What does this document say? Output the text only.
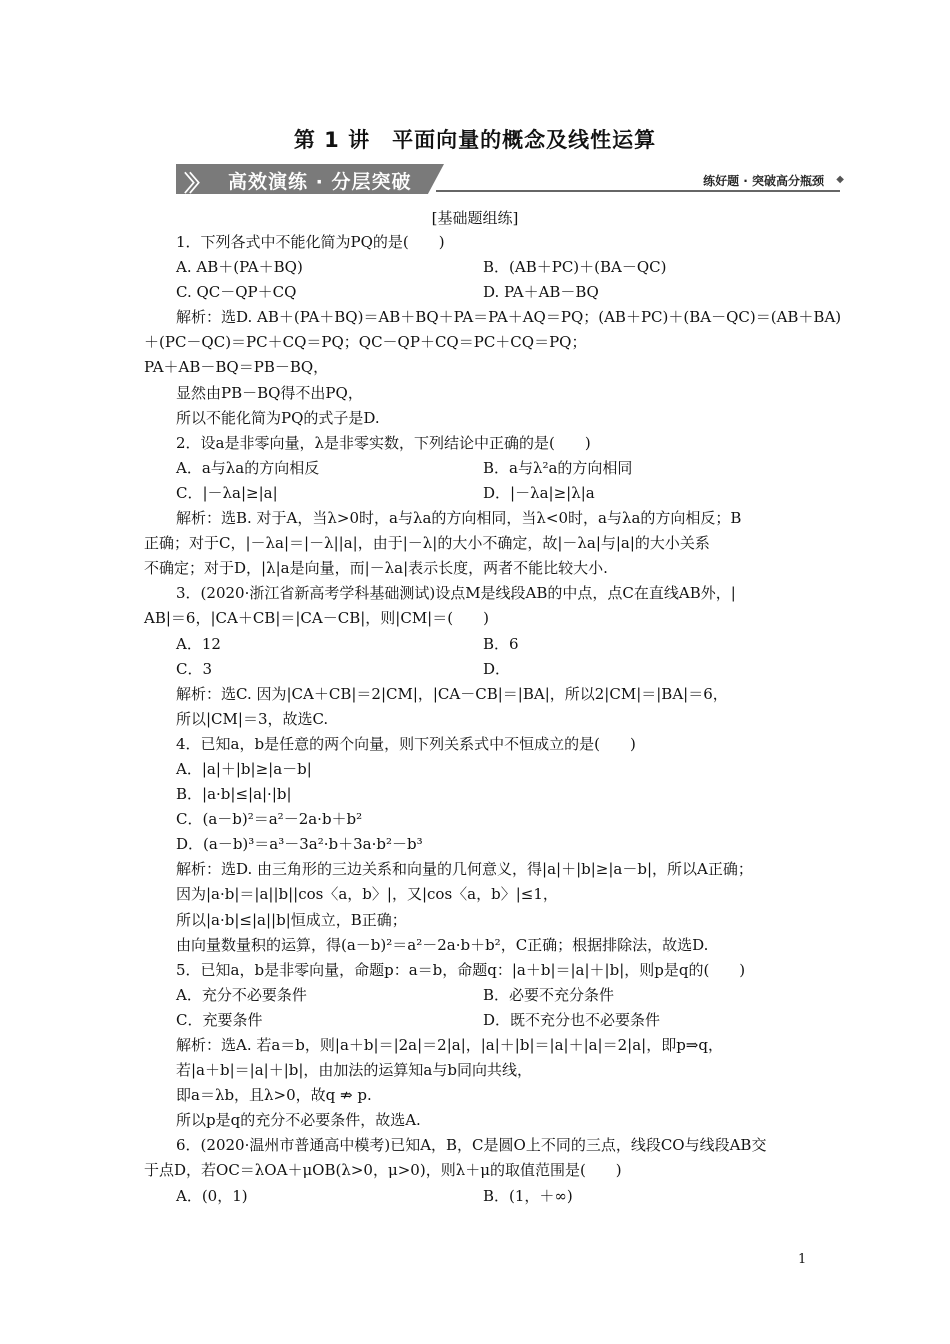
第 1 讲　平面向量的概念及线性运算
〉〉 高效演练 · 分层突破	练好题 · 突破高分瓶颈 ◆
[基础题组练]
1．下列各式中不能化简为PQ的是(　　)
A. AB＋(PA＋BQ)	B．(AB＋PC)＋(BA－QC)
C. QC－QP＋CQ	D. PA＋AB－BQ
解析：选D. AB＋(PA＋BQ)＝AB＋BQ＋PA＝PA＋AQ＝PQ；(AB＋PC)＋(BA－QC)＝(AB＋BA)
＋(PC－QC)＝PC＋CQ＝PQ；QC－QP＋CQ＝PC＋CQ＝PQ；
PA＋AB－BQ＝PB－BQ，
显然由PB－BQ得不出PQ，
所以不能化简为PQ的式子是D.
2．设a是非零向量，λ是非零实数，下列结论中正确的是(　　)
A．a与λa的方向相反	B．a与λ²a的方向相同
C．|－λa|≥|a|	D．|－λa|≥|λ|a
解析：选B. 对于A，当λ>0时，a与λa的方向相同，当λ<0时，a与λa的方向相反；B
正确；对于C，|－λa|＝|－λ||a|，由于|－λ|的大小不确定，故|－λa|与|a|的大小关系
不确定；对于D，|λ|a是向量，而|－λa|表示长度，两者不能比较大小.
3．(2020·浙江省新高考学科基础测试)设点M是线段AB的中点，点C在直线AB外，|
AB|＝6，|CA＋CB|＝|CA－CB|，则|CM|＝(　　)
A．12	B．6
C．3	D．
解析：选C. 因为|CA＋CB|＝2|CM|，|CA－CB|＝|BA|，所以2|CM|＝|BA|＝6，
所以|CM|＝3，故选C.
4．已知a，b是任意的两个向量，则下列关系式中不恒成立的是(　　)
A．|a|＋|b|≥|a－b|
B．|a·b|≤|a|·|b|
C．(a－b)²＝a²－2a·b＋b²
D．(a－b)³＝a³－3a²·b＋3a·b²－b³
解析：选D. 由三角形的三边关系和向量的几何意义，得|a|＋|b|≥|a－b|，所以A正确；
因为|a·b|＝|a||b||cos〈a，b〉|，又|cos〈a，b〉|≤1，
所以|a·b|≤|a||b|恒成立，B正确；
由向量数量积的运算，得(a－b)²＝a²－2a·b＋b²，C正确；根据排除法，故选D.
5．已知a，b是非零向量，命题p：a＝b，命题q：|a＋b|＝|a|＋|b|，则p是q的(　　)
A．充分不必要条件	B．必要不充分条件
C．充要条件	D．既不充分也不必要条件
解析：选A. 若a＝b，则|a＋b|＝|2a|＝2|a|，|a|＋|b|＝|a|＋|a|＝2|a|，即p⇒q，
若|a＋b|＝|a|＋|b|，由加法的运算知a与b同向共线，
即a＝λb，且λ>0，故q ⇏ p.
所以p是q的充分不必要条件，故选A.
6．(2020·温州市普通高中模考)已知A，B，C是圆O上不同的三点，线段CO与线段AB交
于点D，若OC＝λOA＋μOB(λ>0，μ>0)，则λ＋μ的取值范围是(　　)
A．(0，1)	B．(1，＋∞)
1
